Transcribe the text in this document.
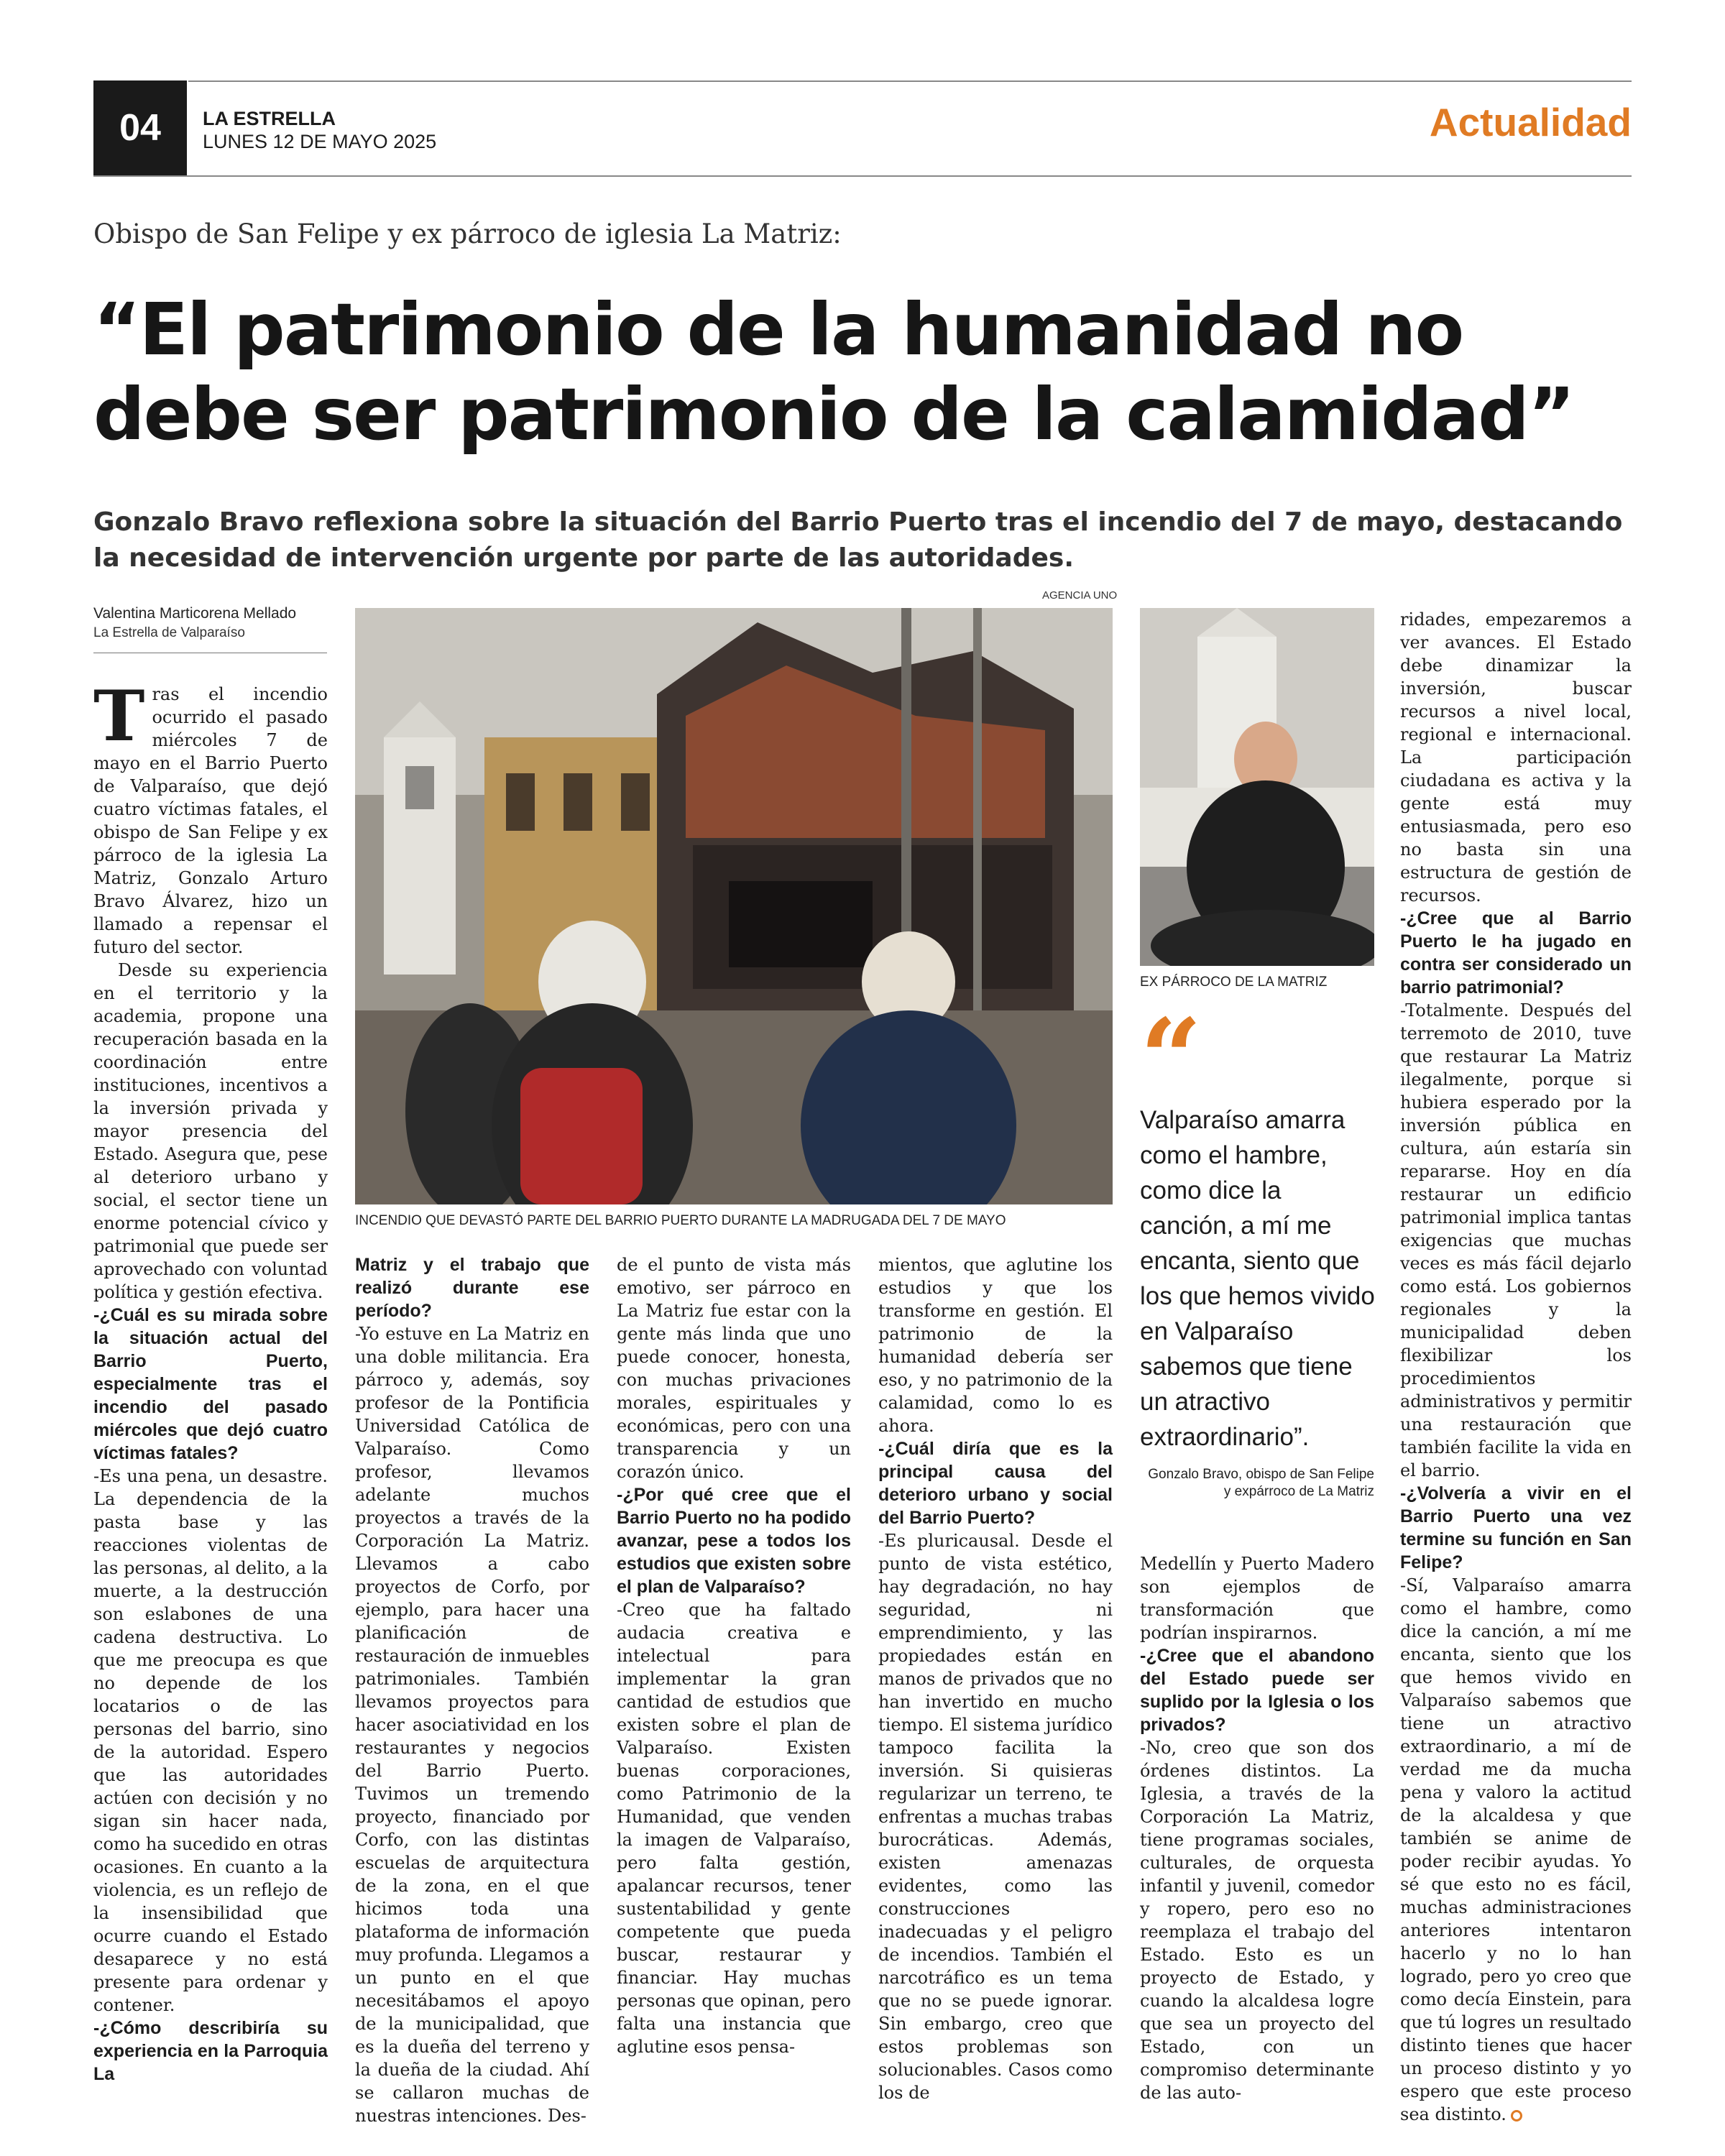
04	LA ESTRELLA
LUNES 12 DE MAYO 2025	Actualidad
Obispo de San Felipe y ex párroco de iglesia La Matriz:
“El patrimonio de la humanidad no debe ser patrimonio de la calamidad”
Gonzalo Bravo reflexiona sobre la situación del Barrio Puerto tras el incendio del 7 de mayo, destacando la necesidad de intervención urgente por parte de las autoridades.
Valentina Marticorena Mellado
La Estrella de Valparaíso

Tras el incendio ocurrido el pasado miércoles 7 de mayo en el Barrio Puerto de Valparaíso, que dejó cuatro víctimas fatales, el obispo de San Felipe y ex párroco de la iglesia La Matriz, Gonzalo Arturo Bravo Álvarez, hizo un llamado a repensar el futuro del sector.

Desde su experiencia en el territorio y la academia, propone una recuperación basada en la coordinación entre instituciones, incentivos a la inversión privada y mayor presencia del Estado. Asegura que, pese al deterioro urbano y social, el sector tiene un enorme potencial cívico y patrimonial que puede ser aprovechado con voluntad política y gestión efectiva.

-¿Cuál es su mirada sobre la situación actual del Barrio Puerto, especialmente tras el incendio del pasado miércoles que dejó cuatro víctimas fatales?

-Es una pena, un desastre. La dependencia de la pasta base y las reacciones violentas de las personas, al delito, a la muerte, a la destrucción son eslabones de una cadena destructiva. Lo que me preocupa es que no depende de los locatarios o de las personas del barrio, sino de la autoridad. Espero que las autoridades actúen con decisión y no sigan sin hacer nada, como ha sucedido en otras ocasiones. En cuanto a la violencia, es un reflejo de la insensibilidad que ocurre cuando el Estado desaparece y no está presente para ordenar y contener.

-¿Cómo describiría su experiencia en la Parroquia La

AGENCIA UNO
INCENDIO QUE DEVASTÓ PARTE DEL BARRIO PUERTO DURANTE LA MADRUGADA DEL 7 DE MAYO

Matriz y el trabajo que realizó durante ese período?

-Yo estuve en La Matriz en una doble militancia. Era párroco y, además, soy profesor de la Pontificia Universidad Católica de Valparaíso. Como profesor, llevamos adelante muchos proyectos a través de la Corporación La Matriz. Llevamos a cabo proyectos de Corfo, por ejemplo, para hacer una planificación de restauración de inmuebles patrimoniales. También llevamos proyectos para hacer asociatividad en los restaurantes y negocios del Barrio Puerto. Tuvimos un tremendo proyecto, financiado por Corfo, con las distintas escuelas de arquitectura de la zona, en el que hicimos toda una plataforma de información muy profunda. Llegamos a un punto en el que necesitábamos el apoyo de la municipalidad, que es la dueña del terreno y la dueña de la ciudad. Ahí se callaron muchas de nuestras intenciones. Des-

de el punto de vista más emotivo, ser párroco en La Matriz fue estar con la gente más linda que uno puede conocer, honesta, con muchas privaciones morales, espirituales y económicas, pero con una transparencia y un corazón único.

-¿Por qué cree que el Barrio Puerto no ha podido avanzar, pese a todos los estudios que existen sobre el plan de Valparaíso?

-Creo que ha faltado audacia creativa e intelectual para implementar la gran cantidad de estudios que existen sobre el plan de Valparaíso. Existen buenas corporaciones, como Patrimonio de la Humanidad, que venden la imagen de Valparaíso, pero falta gestión, apalancar recursos, tener sustentabilidad y gente competente que pueda buscar, restaurar y financiar. Hay muchas personas que opinan, pero falta una instancia que aglutine esos pensa-

mientos, que aglutine los estudios y que los transforme en gestión. El patrimonio de la humanidad debería ser eso, y no patrimonio de la calamidad, como lo es ahora.

-¿Cuál diría que es la principal causa del deterioro urbano y social del Barrio Puerto?

-Es pluricausal. Desde el punto de vista estético, hay degradación, no hay seguridad, ni emprendimiento, y las propiedades están en manos de privados que no han invertido en mucho tiempo. El sistema jurídico tampoco facilita la inversión. Si quisieras regularizar un terreno, te enfrentas a muchas trabas burocráticas. Además, existen amenazas evidentes, como las construcciones inadecuadas y el peligro de incendios. También el narcotráfico es un tema que no se puede ignorar. Sin embargo, creo que estos problemas son solucionables. Casos como los de

EX PÁRROCO DE LA MATRIZ
“
Valparaíso amarra como el hambre, como dice la canción, a mí me encanta, siento que los que hemos vivido en Valparaíso sabemos que tiene un atractivo extraordinario”.
Gonzalo Bravo, obispo de San Felipe y expárroco de La Matriz

Medellín y Puerto Madero son ejemplos de transformación que podrían inspirarnos.

-¿Cree que el abandono del Estado puede ser suplido por la Iglesia o los privados?

-No, creo que son dos órdenes distintos. La Iglesia, a través de la Corporación La Matriz, tiene programas sociales, culturales, de orquesta infantil y juvenil, comedor y ropero, pero eso no reemplaza el trabajo del Estado. Esto es un proyecto de Estado, y cuando la alcaldesa logre que sea un proyecto del Estado, con un compromiso determinante de las auto-

ridades, empezaremos a ver avances. El Estado debe dinamizar la inversión, buscar recursos a nivel local, regional e internacional. La participación ciudadana es activa y la gente está muy entusiasmada, pero eso no basta sin una estructura de gestión de recursos.

-¿Cree que al Barrio Puerto le ha jugado en contra ser considerado un barrio patrimonial?

-Totalmente. Después del terremoto de 2010, tuve que restaurar La Matriz ilegalmente, porque si hubiera esperado por la inversión pública en cultura, aún estaría sin repararse. Hoy en día restaurar un edificio patrimonial implica tantas exigencias que muchas veces es más fácil dejarlo como está. Los gobiernos regionales y la municipalidad deben flexibilizar los procedimientos administrativos y permitir una restauración que también facilite la vida en el barrio.

-¿Volvería a vivir en el Barrio Puerto una vez termine su función en San Felipe?

-Sí, Valparaíso amarra como el hambre, como dice la canción, a mí me encanta, siento que los que hemos vivido en Valparaíso sabemos que tiene un atractivo extraordinario, a mí de verdad me da mucha pena y valoro la actitud de la alcaldesa y que también se anime de poder recibir ayudas. Yo sé que esto no es fácil, muchas administraciones anteriores intentaron hacerlo y no lo han logrado, pero yo creo que como decía Einstein, para que tú logres un resultado distinto tienes que hacer un proceso distinto y yo espero que este proceso sea distinto.
